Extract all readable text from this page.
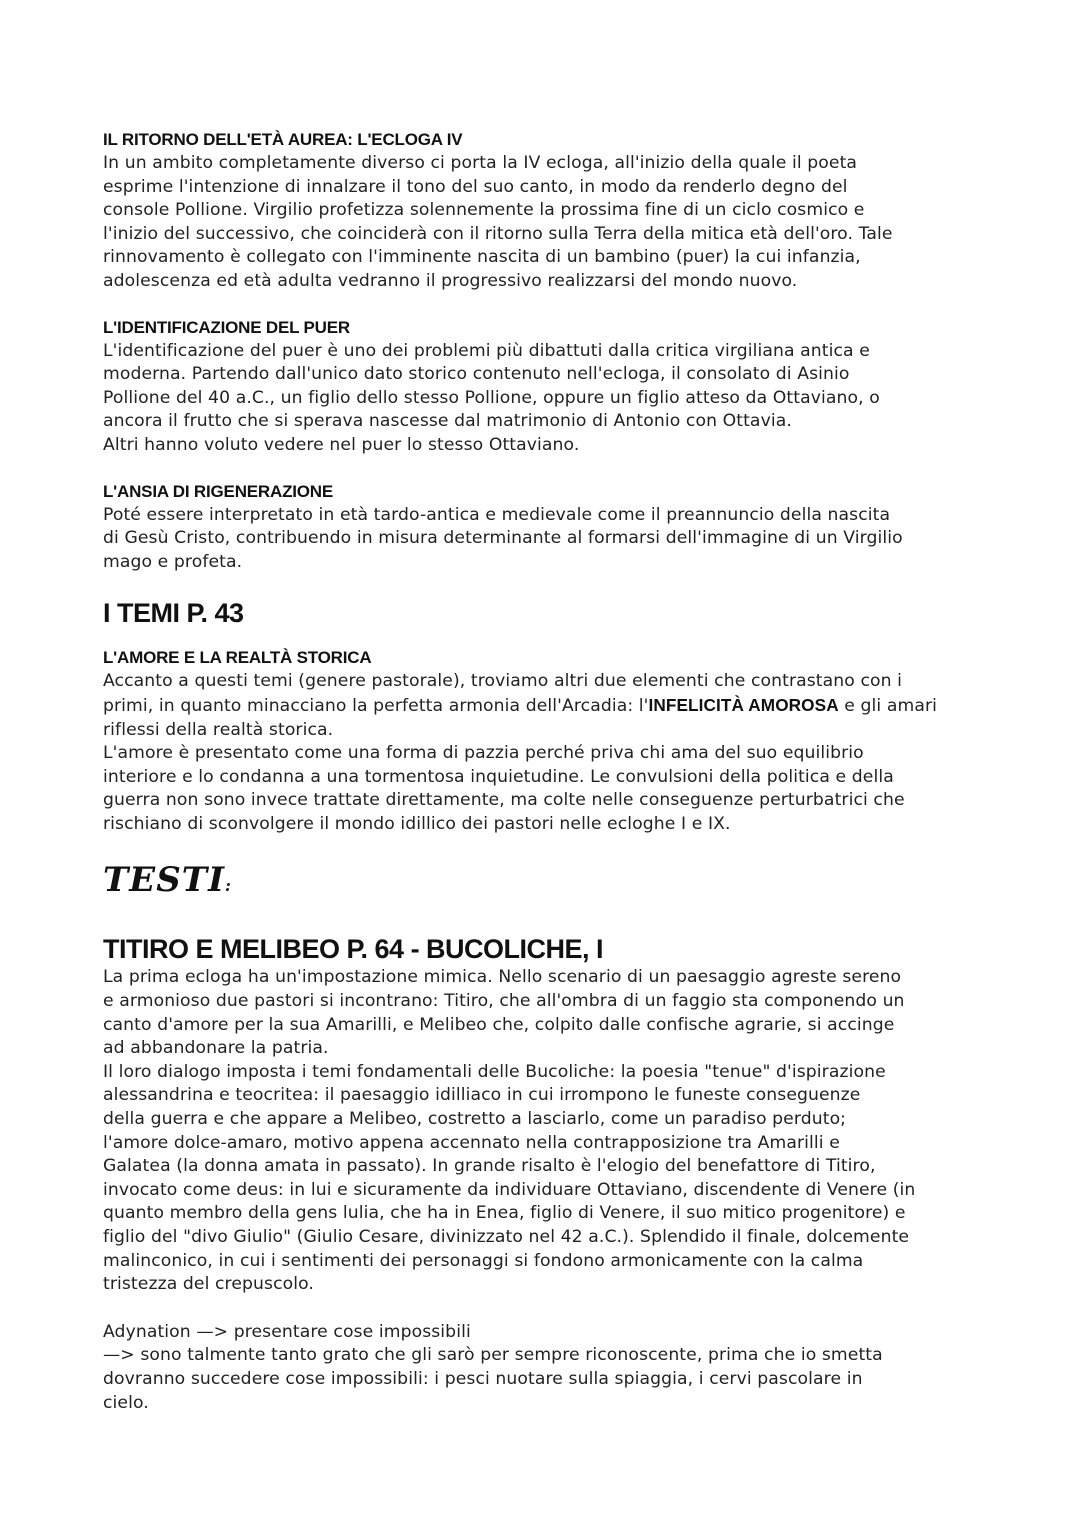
IL RITORNO DELL'ETÀ AUREA: L'ECLOGA IV

In un ambito completamente diverso ci porta la IV ecloga, all'inizio della quale il poeta

esprime l'intenzione di innalzare il tono del suo canto, in modo da renderlo degno del

console Pollione. Virgilio profetizza solennemente la prossima fine di un ciclo cosmico e

l'inizio del successivo, che coinciderà con il ritorno sulla Terra della mitica età dell'oro. Tale

rinnovamento è collegato con l'imminente nascita di un bambino (puer) la cui infanzia,

adolescenza ed età adulta vedranno il progressivo realizzarsi del mondo nuovo.

L'IDENTIFICAZIONE DEL PUER

L'identificazione del puer è uno dei problemi più dibattuti dalla critica virgiliana antica e

moderna. Partendo dall'unico dato storico contenuto nell'ecloga, il consolato di Asinio

Pollione del 40 a.C., un figlio dello stesso Pollione, oppure un figlio atteso da Ottaviano, o

ancora il frutto che si sperava nascesse dal matrimonio di Antonio con Ottavia.

Altri hanno voluto vedere nel puer lo stesso Ottaviano.

L'ANSIA DI RIGENERAZIONE

Poté essere interpretato in età tardo-antica e medievale come il preannuncio della nascita

di Gesù Cristo, contribuendo in misura determinante al formarsi dell'immagine di un Virgilio

mago e profeta.

I TEMI P. 43
L'AMORE E LA REALTÀ STORICA

Accanto a questi temi (genere pastorale), troviamo altri due elementi che contrastano con i

primi, in quanto minacciano la perfetta armonia dell'Arcadia: l'INFELICITÀ AMOROSA e gli amari

riflessi della realtà storica.

L'amore è presentato come una forma di pazzia perché priva chi ama del suo equilibrio

interiore e lo condanna a una tormentosa inquietudine. Le convulsioni della politica e della

guerra non sono invece trattate direttamente, ma colte nelle conseguenze perturbatrici che

rischiano di sconvolgere il mondo idillico dei pastori nelle ecloghe I e IX.

TESTI:
TITIRO E MELIBEO P. 64 - BUCOLICHE, I

La prima ecloga ha un'impostazione mimica. Nello scenario di un paesaggio agreste sereno

e armonioso due pastori si incontrano: Titiro, che all'ombra di un faggio sta componendo un

canto d'amore per la sua Amarilli, e Melibeo che, colpito dalle confische agrarie, si accinge

ad abbandonare la patria.

Il loro dialogo imposta i temi fondamentali delle Bucoliche: la poesia "tenue" d'ispirazione

alessandrina e teocritea: il paesaggio idilliaco in cui irrompono le funeste conseguenze

della guerra e che appare a Melibeo, costretto a lasciarlo, come un paradiso perduto;

l'amore dolce-amaro, motivo appena accennato nella contrapposizione tra Amarilli e

Galatea (la donna amata in passato). In grande risalto è l'elogio del benefattore di Titiro,

invocato come deus: in lui e sicuramente da individuare Ottaviano, discendente di Venere (in

quanto membro della gens lulia, che ha in Enea, figlio di Venere, il suo mitico progenitore) e

figlio del "divo Giulio" (Giulio Cesare, divinizzato nel 42 a.C.). Splendido il finale, dolcemente

malinconico, in cui i sentimenti dei personaggi si fondono armonicamente con la calma

tristezza del crepuscolo.

Adynation —> presentare cose impossibili

—> sono talmente tanto grato che gli sarò per sempre riconoscente, prima che io smetta

dovranno succedere cose impossibili: i pesci nuotare sulla spiaggia, i cervi pascolare in

cielo.
